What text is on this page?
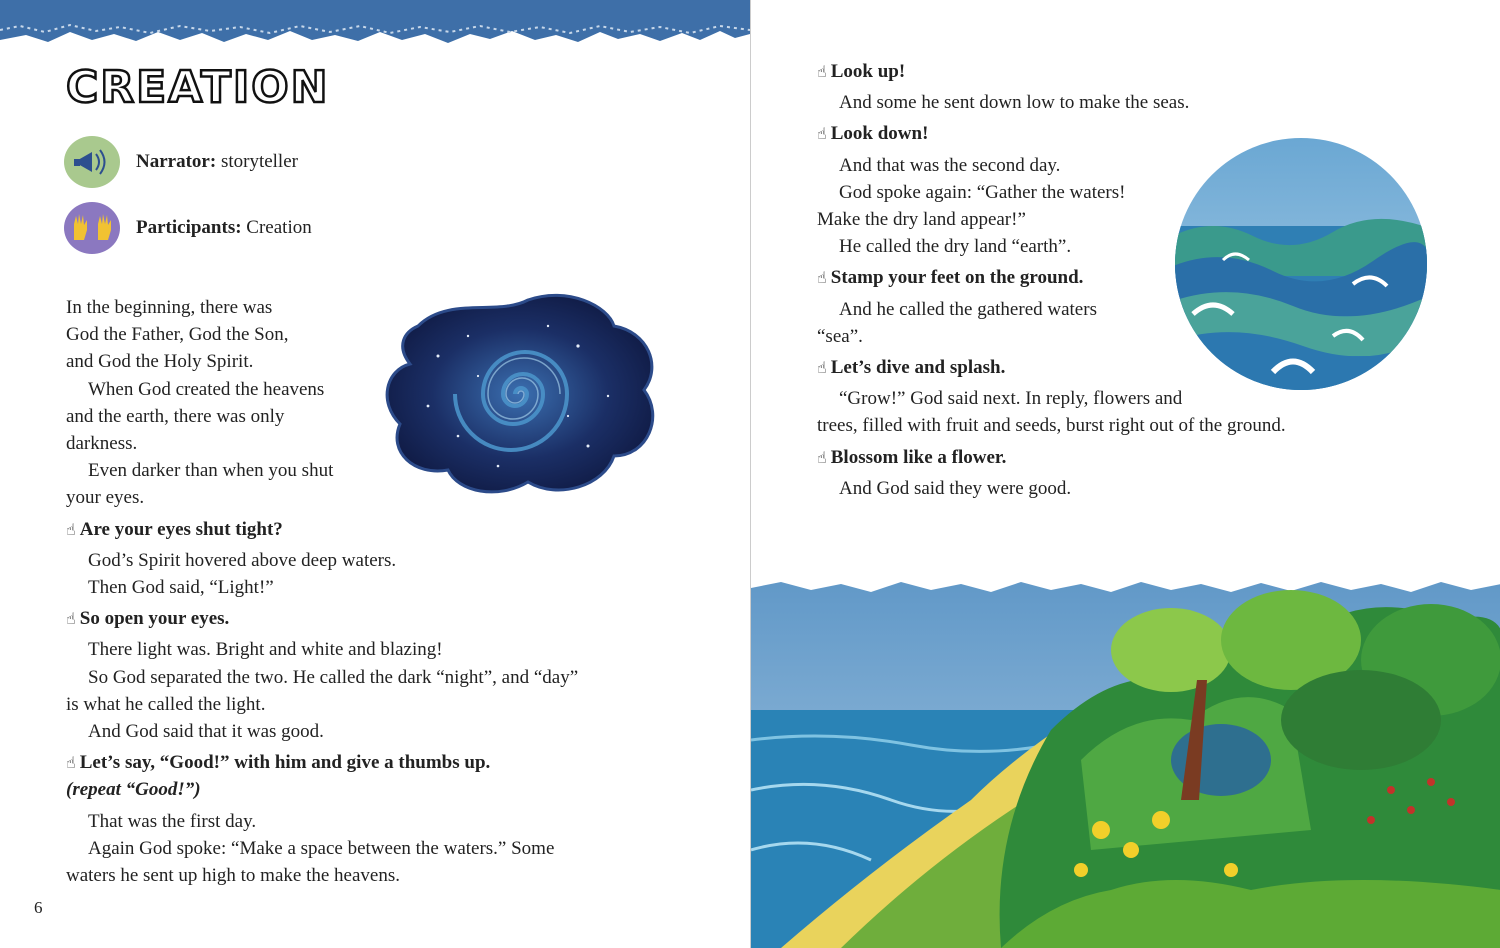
CREATION
Narrator: storyteller
Participants: Creation

In the beginning, there was

God the Father, God the Son,

and God the Holy Spirit.

When God created the heavens

and the earth, there was only

darkness.

Even darker than when you shut

your eyes.

☝ Are your eyes shut tight?

God’s Spirit hovered above deep waters.

Then God said, “Light!”

☝ So open your eyes.

There light was. Bright and white and blazing!

So God separated the two. He called the dark “night”, and “day”

is what he called the light.

And God said that it was good.

☝ Let’s say, “Good!” with him and give a thumbs up.

(repeat “Good!”)

That was the first day.

Again God spoke: “Make a space between the waters.” Some

waters he sent up high to make the heavens.

6

☝ Look up!

And some he sent down low to make the seas.

☝ Look down!

And that was the second day.

God spoke again: “Gather the waters!

Make the dry land appear!”

He called the dry land “earth”.

☝ Stamp your feet on the ground.

And he called the gathered waters

“sea”.

☝ Let’s dive and splash.

“Grow!” God said next. In reply, flowers and

trees, filled with fruit and seeds, burst right out of the ground.

☝ Blossom like a flower.

And God said they were good.
